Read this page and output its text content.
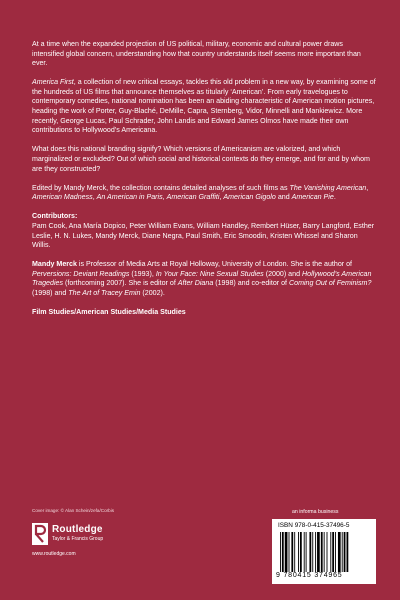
At a time when the expanded projection of US political, military, economic and cultural power draws intensified global concern, understanding how that country understands itself seems more important than ever.

America First, a collection of new critical essays, tackles this old problem in a new way, by examining some of the hundreds of US films that announce themselves as titularly ‘American’. From early travelogues to contemporary comedies, national nomination has been an abiding characteristic of American motion pictures, heading the work of Porter, Guy-Blaché, DeMille, Capra, Sternberg, Vidor, Minnelli and Mankiewicz. More recently, George Lucas, Paul Schrader, John Landis and Edward James Olmos have made their own contributions to Hollywood’s Americana.

What does this national branding signify? Which versions of Americanism are valorized, and which marginalized or excluded? Out of which social and historical contexts do they emerge, and for and by whom are they constructed?

Edited by Mandy Merck, the collection contains detailed analyses of such films as The Vanishing American, American Madness, An American in Paris, American Graffiti, American Gigolo and American Pie.

Contributors:
Pam Cook, Ana María Dopico, Peter William Evans, William Handley, Rembert Hüser, Barry Langford, Esther Leslie, H. N. Lukes, Mandy Merck, Diane Negra, Paul Smith, Eric Smoodin, Kristen Whissel and Sharon Willis.

Mandy Merck is Professor of Media Arts at Royal Holloway, University of London. She is the author of Perversions: Deviant Readings (1993), In Your Face: Nine Sexual Studies (2000) and Hollywood’s American Tragedies (forthcoming 2007). She is editor of After Diana (1998) and co-editor of Coming Out of Feminism? (1998) and The Art of Tracey Emin (2002).

Film Studies/American Studies/Media Studies

Cover image: © Alan Schein/zefa/Corbis	an informa business
Routledge
Taylor & Francis Group
www.routledge.com
ISBN 978-0-415-37496-5
9 780415 374965
